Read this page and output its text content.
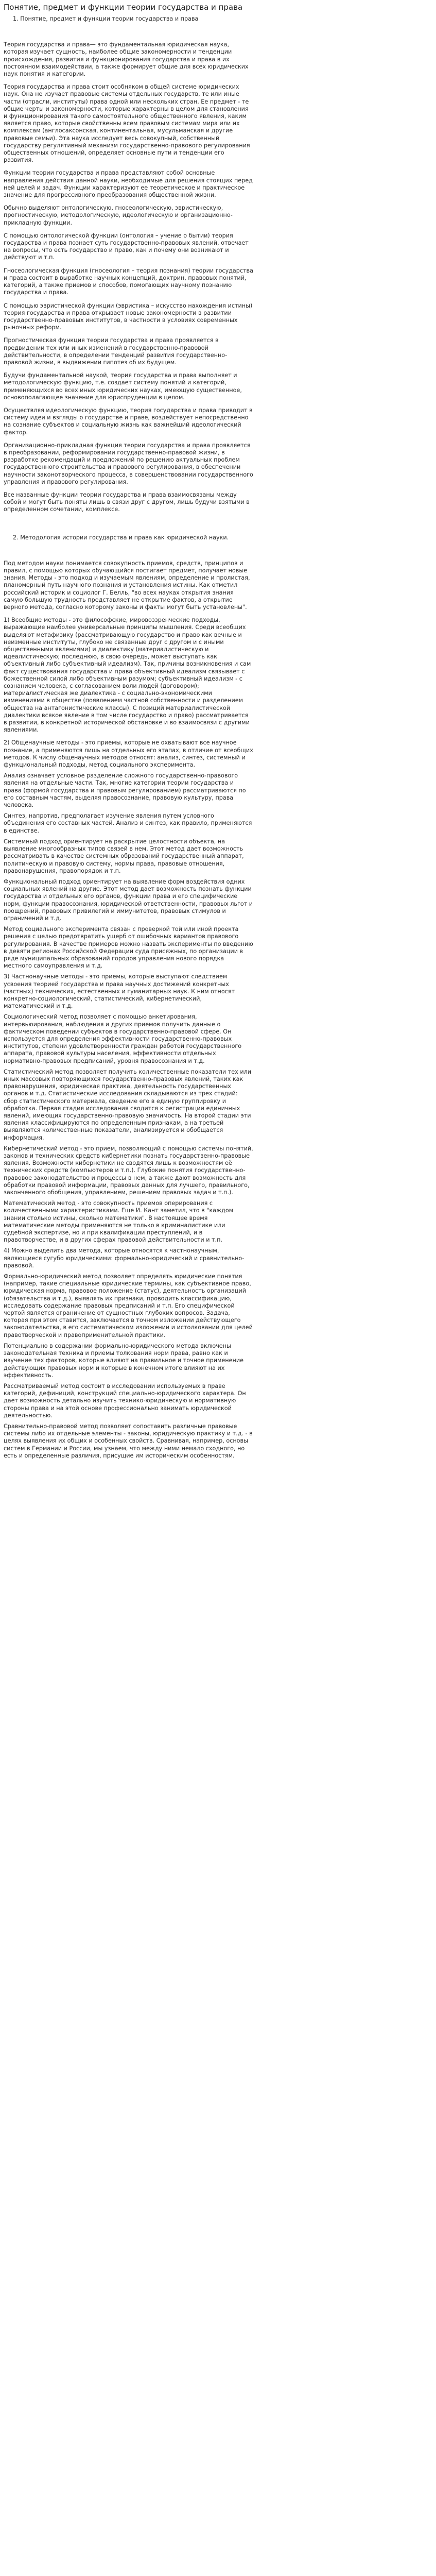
Понятие, предмет и функции теории государства и права
1. Понятие, предмет и функции теории государства и права

Теория государства и права— это фундаментальная юридическая наука, которая изучает сущность, наиболее общие закономерности и тенденции происхождения, развития и функционирования государства и права в их постоянном взаимодействии, а также формирует общие для всех юридических наук понятия и категории.

Теория государства и права стоит особняком в общей системе юридических наук. Она не изучает правовые системы отдельных государств, те или иные части (отрасли, институты) права одной или нескольких стран. Ее предмет - те общие черты и закономерности, которые характерны в целом для становления и функционирования такого самостоятельного общественного явления, каким является право, которые свойственны всем правовым системам мира или их комплексам (англосаксонская, континентальная, мусульманская и другие правовые семьи). Эта наука исследует весь совокупный, собственный государству регулятивный механизм государственно-правового регулирования общественных отношений, определяет основные пути и тенденции его развития.

Функции теории государства и права представляют собой основные направления действия данной науки, необходимые для решения стоящих перед ней целей и задач. Функции характеризуют ее теоретическое и практическое значение для прогрессивного преобразования общественной жизни.

Обычно выделяют онтологическую, гносеологическую, эвристическую, прогностическую, методологическую, идеологическую и организационно-прикладную функции.

С помощью онтологической функции (онтология – учение о бытии) теория государства и права познает суть государственно-правовых явлений, отвечает на вопросы, что есть государство и право, как и почему они возникают и действуют и т.п.

Гносеологическая функция (гносеология – теория познания) теории государства и права состоит в выработке научных концепций, доктрин, правовых понятий, категорий, а также приемов и способов, помогающих научному познанию государства и права.

С помощью эвристической функции (эвристика – искусство нахождения истины) теория государства и права открывает новые закономерности в развитии государственно-правовых институтов, в частности в условиях современных рыночных реформ.

Прогностическая функция теории государства и права проявляется в предвидении тех или иных изменений в государственно-правовой действительности, в определении тенденций развития государственно-правовой жизни, в выдвижении гипотез об их будущем.

Будучи фундаментальной наукой, теория государства и права выполняет и методологическую функцию, т.е. создает систему понятий и категорий, применяющихся во всех иных юридических науках, имеющую существенное, основополагающее значение для юриспруденции в целом.

Осуществляя идеологическую функцию, теория государства и права приводит в систему идеи и взгляды о государстве и праве, воздействует непосредственно на сознание субъектов и социальную жизнь как важнейший идеологический фактор.

Организационно-прикладная функция теории государства и права проявляется в преобразовании, реформировании государственно-правовой жизни, в разработке рекомендаций и предложений по решению актуальных проблем государственного строительства и правового регулирования, в обеспечении научности законотворческого процесса, в совершенствовании государственного управления и правового регулирования.

Все названные функции теории государства и права взаимосвязаны между собой и могут быть поняты лишь в связи друг с другом, лишь будучи взятыми в определенном сочетании, комплексе.

2. Методология истории государства и права как юридической науки.

Под методом науки понимается совокупность приемов, средств, принципов и правил, с помощью которых обучающийся постигает предмет, получает новые знания. Методы - это подход и изучаемым явлениям, определение и пролистая, планомерный путь научного познания и установления истины. Как отметил российский историк и социолог Г. Белль, "во всех науках открытия знания самую большую трудность представляет не открытие фактов, а открытие верного метода, согласно которому законы и факты могут быть установлены".

1) Всеобщие методы - это философские, мировоззренческие подходы, выражающие наиболее универсальные принципы мышления. Среди всеобщих выделяют метафизику (рассматривающую государство и право как вечные и неизменные институты, глубоко не связанные друг с другом и с иными общественными явлениями) и диалектику (материалистическую и идеалистическую; последнюю, в свою очередь, может выступать как объективный либо субъективный идеализм). Так, причины возникновения и сам факт существования государства и права объективный идеализм связывает с божественной силой либо объективным разумом; субъективный идеализм - с сознанием человека, с согласованием воли людей (договором); материалистическая же диалектика - с социально-экономическими изменениями в обществе (появлением частной собственности и разделением общества на антагонистические классы). С позиций материалистической диалектики всякое явление в том числе государство и право) рассматривается в развитии, в конкретной исторической обстановке и во взаимосвязи с другими явлениями.

2) Общенаучные методы - это приемы, которые не охватывают все научное познание, а применяются лишь на отдельных его этапах, в отличие от всеобщих методов. К числу общенаучных методов относят: анализ, синтез, системный и функциональный подходы, метод социального эксперимента.

Анализ означает условное разделение сложного государственно-правового явления на отдельные части. Так, многие категории теории государства и права (формой государства и правовым регулированием) рассматриваются по его составным частям, выделяя правосознание, правовую культуру, права человека.

Синтез, напротив, предполагает изучение явления путем условного объединения его составных частей. Анализ и синтез, как правило, применяются в единстве.

Системный подход ориентирует на раскрытие целостности объекта, на выявление многообразных типов связей в нем. Этот метод дает возможность рассматривать в качестве системных образований государственный аппарат, политическую и правовую систему, нормы права, правовые отношения, правонарушения, правопорядок и т.п.

Функциональный подход ориентирует на выявление форм воздействия одних социальных явлений на другие. Этот метод дает возможность познать функции государства и отдельных его органов, функции права и его специфические норм, функции правосознания, юридической ответственности, правовых льгот и поощрений, правовых привилегий и иммунитетов, правовых стимулов и ограничений и т.д.

Метод социального эксперимента связан с проверкой той или иной проекта решения с целью предотвратить ущерб от ошибочных вариантов правового регулирования. В качестве примеров можно назвать эксперименты по введению в девяти регионах Российской Федерации суда присяжных, по организации в ряде муниципальных образований городов управления нового порядка местного самоуправления и т.д.

3) Частнонаучные методы - это приемы, которые выступают следствием усвоения теорией государства и права научных достижений конкретных (частных) технических, естественных и гуманитарных наук. К ним относят конкретно-социологический, статистический, кибернетический, математический и т.д.

Социологический метод позволяет с помощью анкетирования, интервьюирования, наблюдения и других приемов получить данные о фактическом поведении субъектов в государственно-правовой сфере. Он используется для определения эффективности государственно-правовых институтов, степени удовлетворенности граждан работой государственного аппарата, правовой культуры населения, эффективности отдельных нормативно-правовых предписаний, уровня правосознания и т.д.

Статистический метод позволяет получить количественные показатели тех или иных массовых повторяющихся государственно-правовых явлений, таких как правонарушения, юридическая практика, деятельность государственных органов и т.д. Статистические исследования складываются из трех стадий: сбор статистического материала, сведение его в единую группировку и обработка. Первая стадия исследования сводится к регистрации единичных явлений, имеющих государственно-правовую значимость. На второй стадии эти явления классифицируются по определенным признакам, а на третьей выявляются количественные показатели, анализируется и обобщается информация.

Кибернетический метод - это прием, позволяющий с помощью системы понятий, законов и технических средств кибернетики познать государственно-правовые явления. Возможности кибернетики не сводятся лишь к возможностям её технических средств (компьютеров и т.п.). Глубокие понятия государственно-правовое законодательство и процессы в нем, а также дают возможность для обработки правовой информации, правовых данных для лучшего, правильного, законченного обобщения, управлением, решением правовых задач и т.п.).

Математический метод - это совокупность приемов оперирования с количественными характеристиками. Еще И. Кант заметил, что в "каждом знании столько истины, сколько математики". В настоящее время математические методы применяются не только в криминалистике или судебной экспертизе, но и при квалификации преступлений, и в правотворчестве, и в других сферах правовой действительности и т.п.

4) Можно выделить два метода, которые относятся к частнонаучным, являющиеся сугубо юридическими: формально-юридический и сравнительно-правовой.

Формально-юридический метод позволяет определять юридические понятия (например, такие специальные юридические термины, как субъективное право, юридическая норма, правовое положение (статус), деятельность организаций (обязательства и т.д.), выявлять их признаки, проводить классификацию, исследовать содержание правовых предписаний и т.п. Его специфической чертой является ограничение от сущностных глубоких вопросов. Задача, которая при этом ставится, заключается в точном изложении действующего законодательства, в его систематическом изложении и истолковании для целей правотворческой и правоприменительной практики.

Потенциально в содержании формально-юридического метода включены законодательная техника и приемы толкования норм права, равно как и изучение тех факторов, которые влияют на правильное и точное применение действующих правовых норм и которые в конечном итоге влияют на их эффективность.

Рассматриваемый метод состоит в исследовании используемых в праве категорий, дефиниций, конструкций специально-юридического характера. Он дает возможность детально изучить технико-юридическую и нормативную стороны права и на этой основе профессионально занимать юридической деятельностью.

Сравнительно-правовой метод позволяет сопоставить различные правовые системы либо их отдельные элементы - законы, юридическую практику и т.д. - в целях выявления их общих и особенных свойств. Сравнивая, например, основы систем в Германии и России, мы узнаем, что между ними немало сходного, но есть и определенные различия, присущие им историческим особенностям.
